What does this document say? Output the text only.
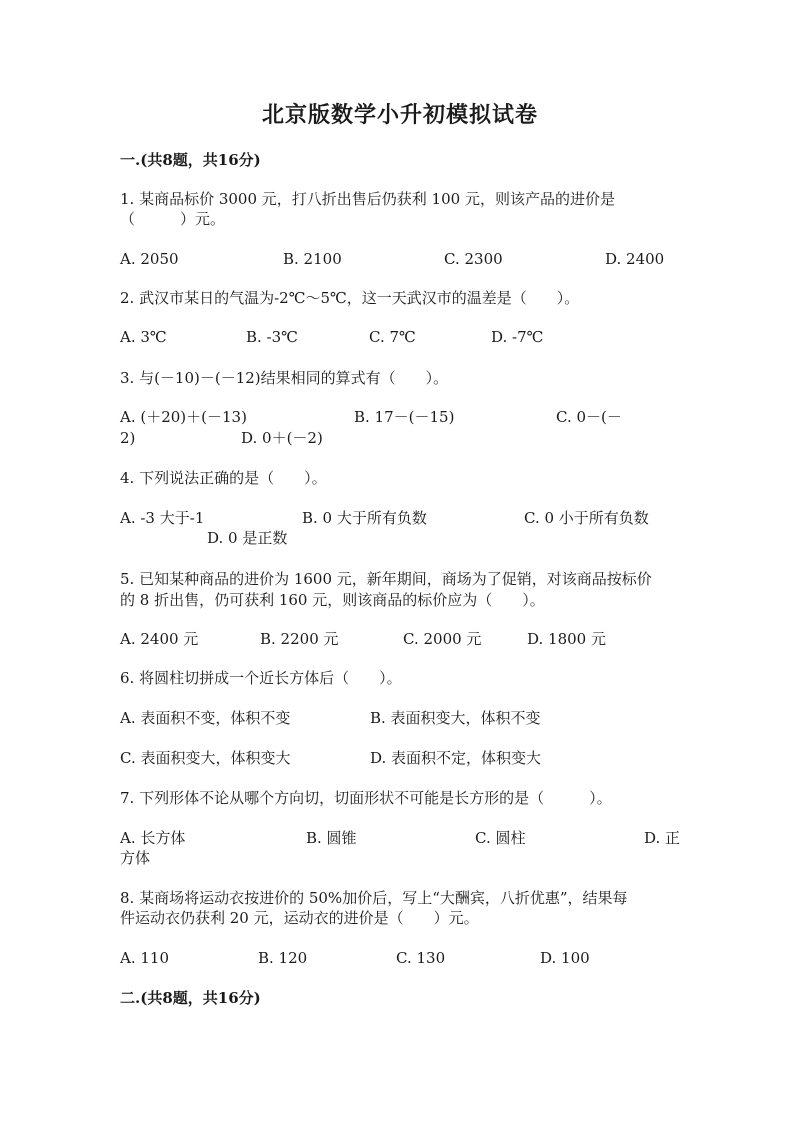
北京版数学小升初模拟试卷
一.(共8题，共16分)
1. 某商品标价 3000 元，打八折出售后仍获利 100 元，则该产品的进价是
（　　　）元。
A. 2050	B. 2100	C. 2300	D. 2400
2. 武汉市某日的气温为-2℃～5℃，这一天武汉市的温差是（　　）。
A. 3℃	B. -3℃	C. 7℃	D. -7℃
3. 与(－10)－(－12)结果相同的算式有（　　）。
A. (＋20)＋(－13)	B. 17－(－15)	C. 0－(－
2)	D. 0＋(－2)
4. 下列说法正确的是（　　）。
A. -3 大于-1	B. 0 大于所有负数	C. 0 小于所有负数
D. 0 是正数
5. 已知某种商品的进价为 1600 元，新年期间，商场为了促销，对该商品按标价
的 8 折出售，仍可获利 160 元，则该商品的标价应为（　　）。
A. 2400 元	B. 2200 元	C. 2000 元	D. 1800 元
6. 将圆柱切拼成一个近长方体后（　　）。
A. 表面积不变，体积不变	B. 表面积变大，体积不变
C. 表面积变大，体积变大	D. 表面积不定，体积变大
7. 下列形体不论从哪个方向切，切面形状不可能是长方形的是（　　　）。
A. 长方体	B. 圆锥	C. 圆柱	D. 正
方体
8. 某商场将运动衣按进价的 50%加价后，写上“大酬宾，八折优惠”，结果每
件运动衣仍获利 20 元，运动衣的进价是（　　）元。
A. 110	B. 120	C. 130	D. 100
二.(共8题，共16分)
